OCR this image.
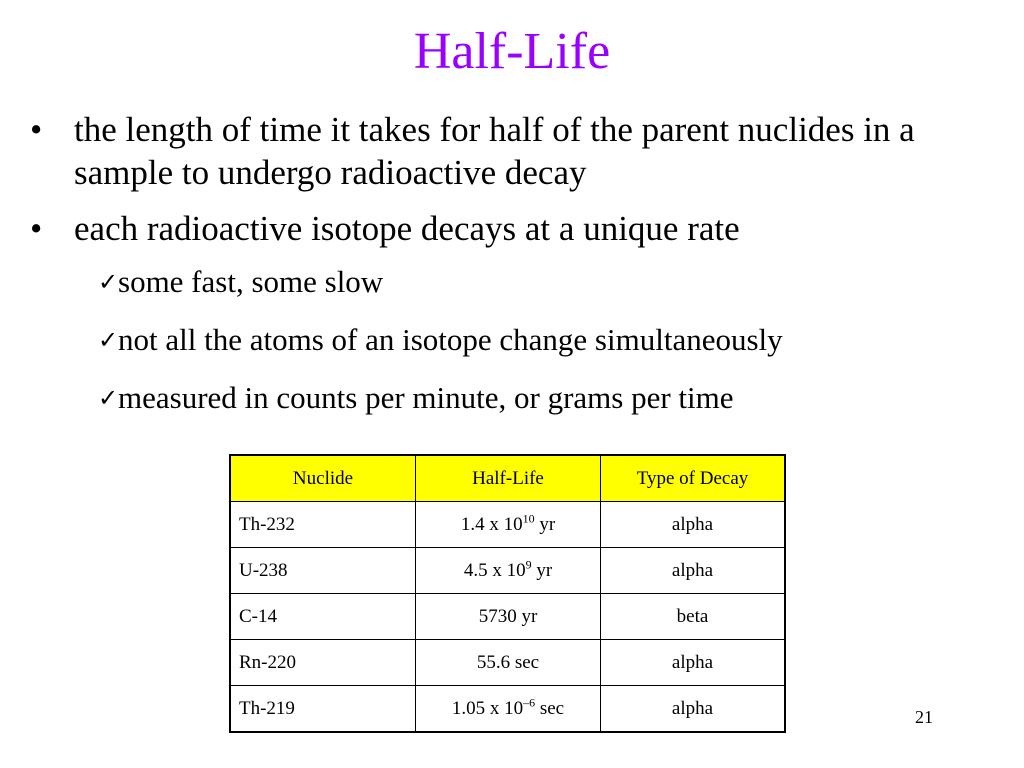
Half-Life
• the length of time it takes for half of the parent nuclides in a sample to undergo radioactive decay
• each radioactive isotope decays at a unique rate
✓ some fast, some slow
✓ not all the atoms of an isotope change simultaneously
✓ measured in counts per minute, or grams per time
Nuclide	Half-Life	Type of Decay
Th-232	1.4 x $10^{10}$ yr	alpha
U-238	4.5 x $10^9$ yr	alpha
C-14	5730 yr	beta
Rn-220	55.6 sec	alpha
Th-219	1.05 x $10^{-6}$ sec	alpha	21
